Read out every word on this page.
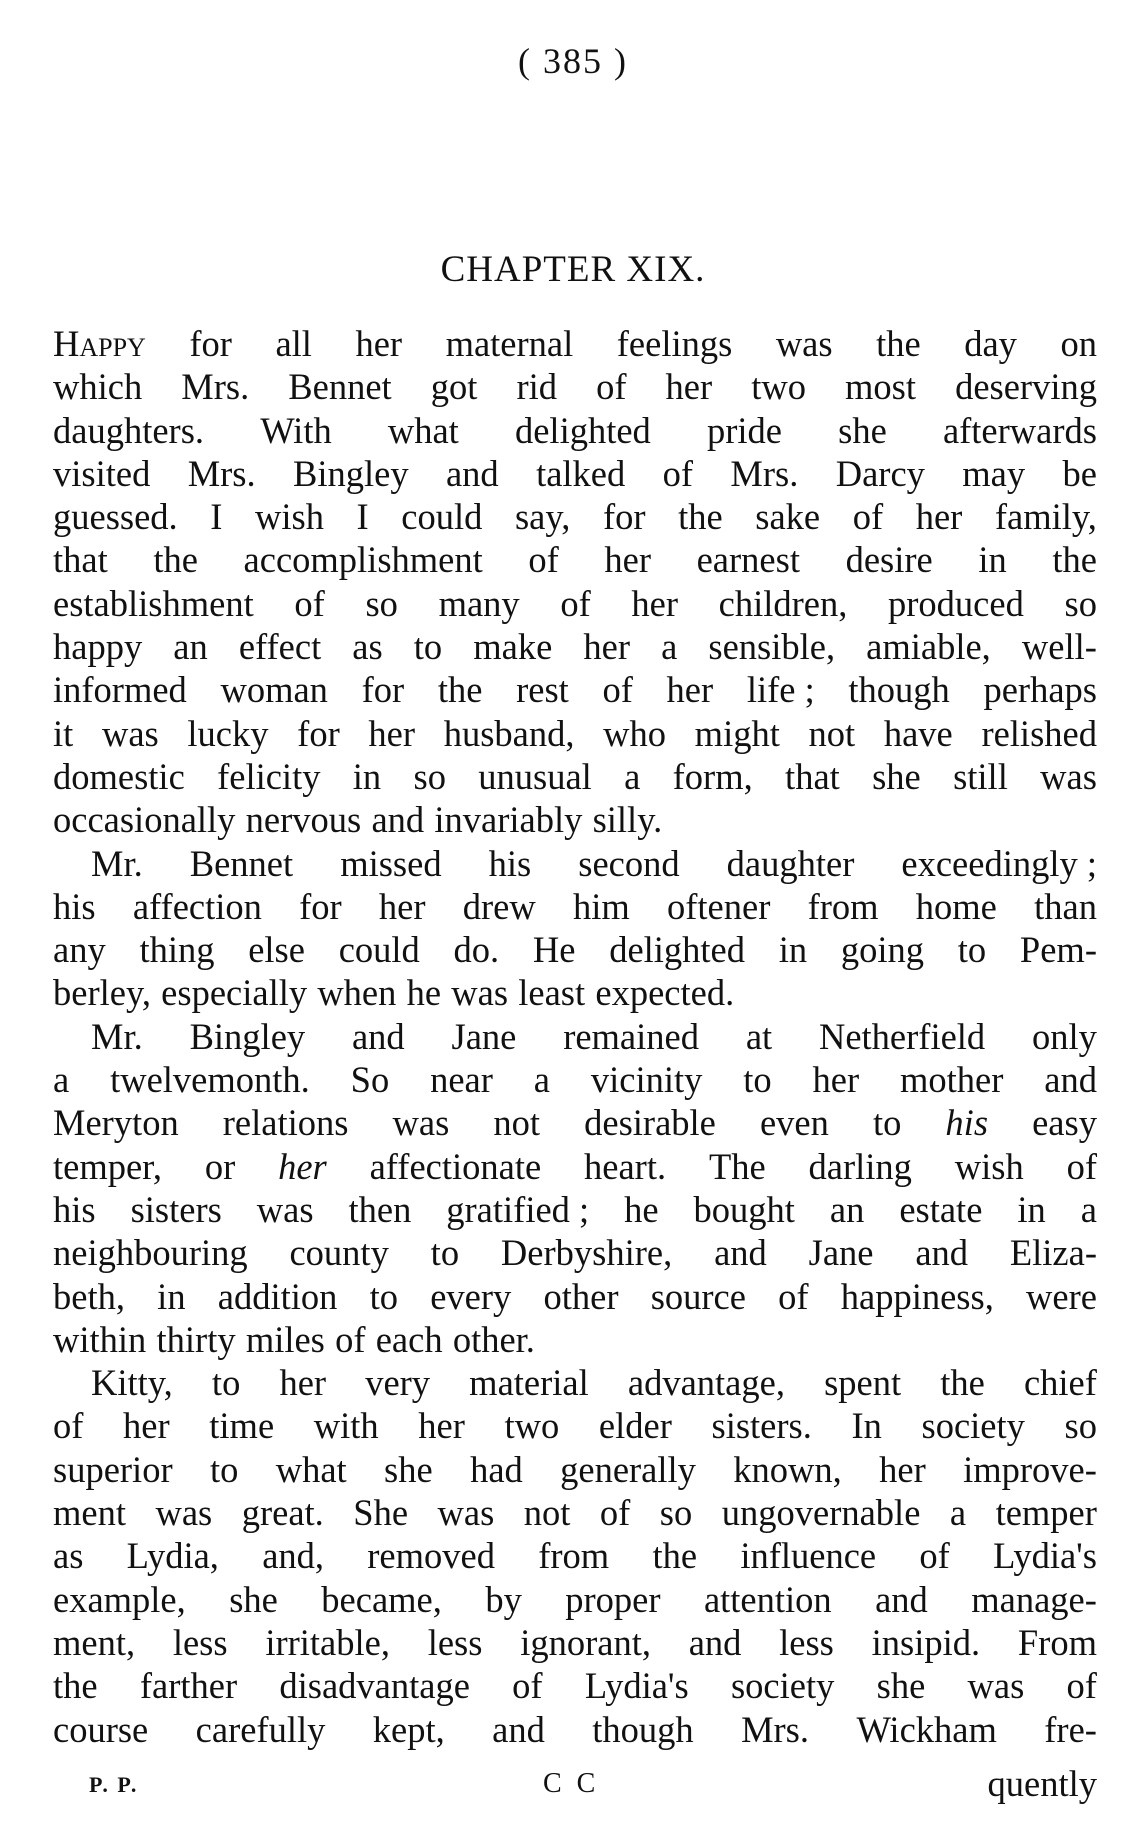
( 385 )
CHAPTER XIX.
Happy for all her maternal feelings was the day on
which Mrs. Bennet got rid of her two most deserving
daughters. With what delighted pride she afterwards
visited Mrs. Bingley and talked of Mrs. Darcy may be
guessed. I wish I could say, for the sake of her family,
that the accomplishment of her earnest desire in the
establishment of so many of her children, produced so
happy an effect as to make her a sensible, amiable, well-
informed woman for the rest of her life ; though perhaps
it was lucky for her husband, who might not have relished
domestic felicity in so unusual a form, that she still was
occasionally nervous and invariably silly.
Mr. Bennet missed his second daughter exceedingly ;
his affection for her drew him oftener from home than
any thing else could do. He delighted in going to Pem-
berley, especially when he was least expected.
Mr. Bingley and Jane remained at Netherfield only
a twelvemonth. So near a vicinity to her mother and
Meryton relations was not desirable even to his easy
temper, or her affectionate heart. The darling wish of
his sisters was then gratified ; he bought an estate in a
neighbouring county to Derbyshire, and Jane and Eliza-
beth, in addition to every other source of happiness, were
within thirty miles of each other.
Kitty, to her very material advantage, spent the chief
of her time with her two elder sisters. In society so
superior to what she had generally known, her improve-
ment was great. She was not of so ungovernable a temper
as Lydia, and, removed from the influence of Lydia's
example, she became, by proper attention and manage-
ment, less irritable, less ignorant, and less insipid. From
the farther disadvantage of Lydia's society she was of
course carefully kept, and though Mrs. Wickham fre-
P. P.	C C	quently
